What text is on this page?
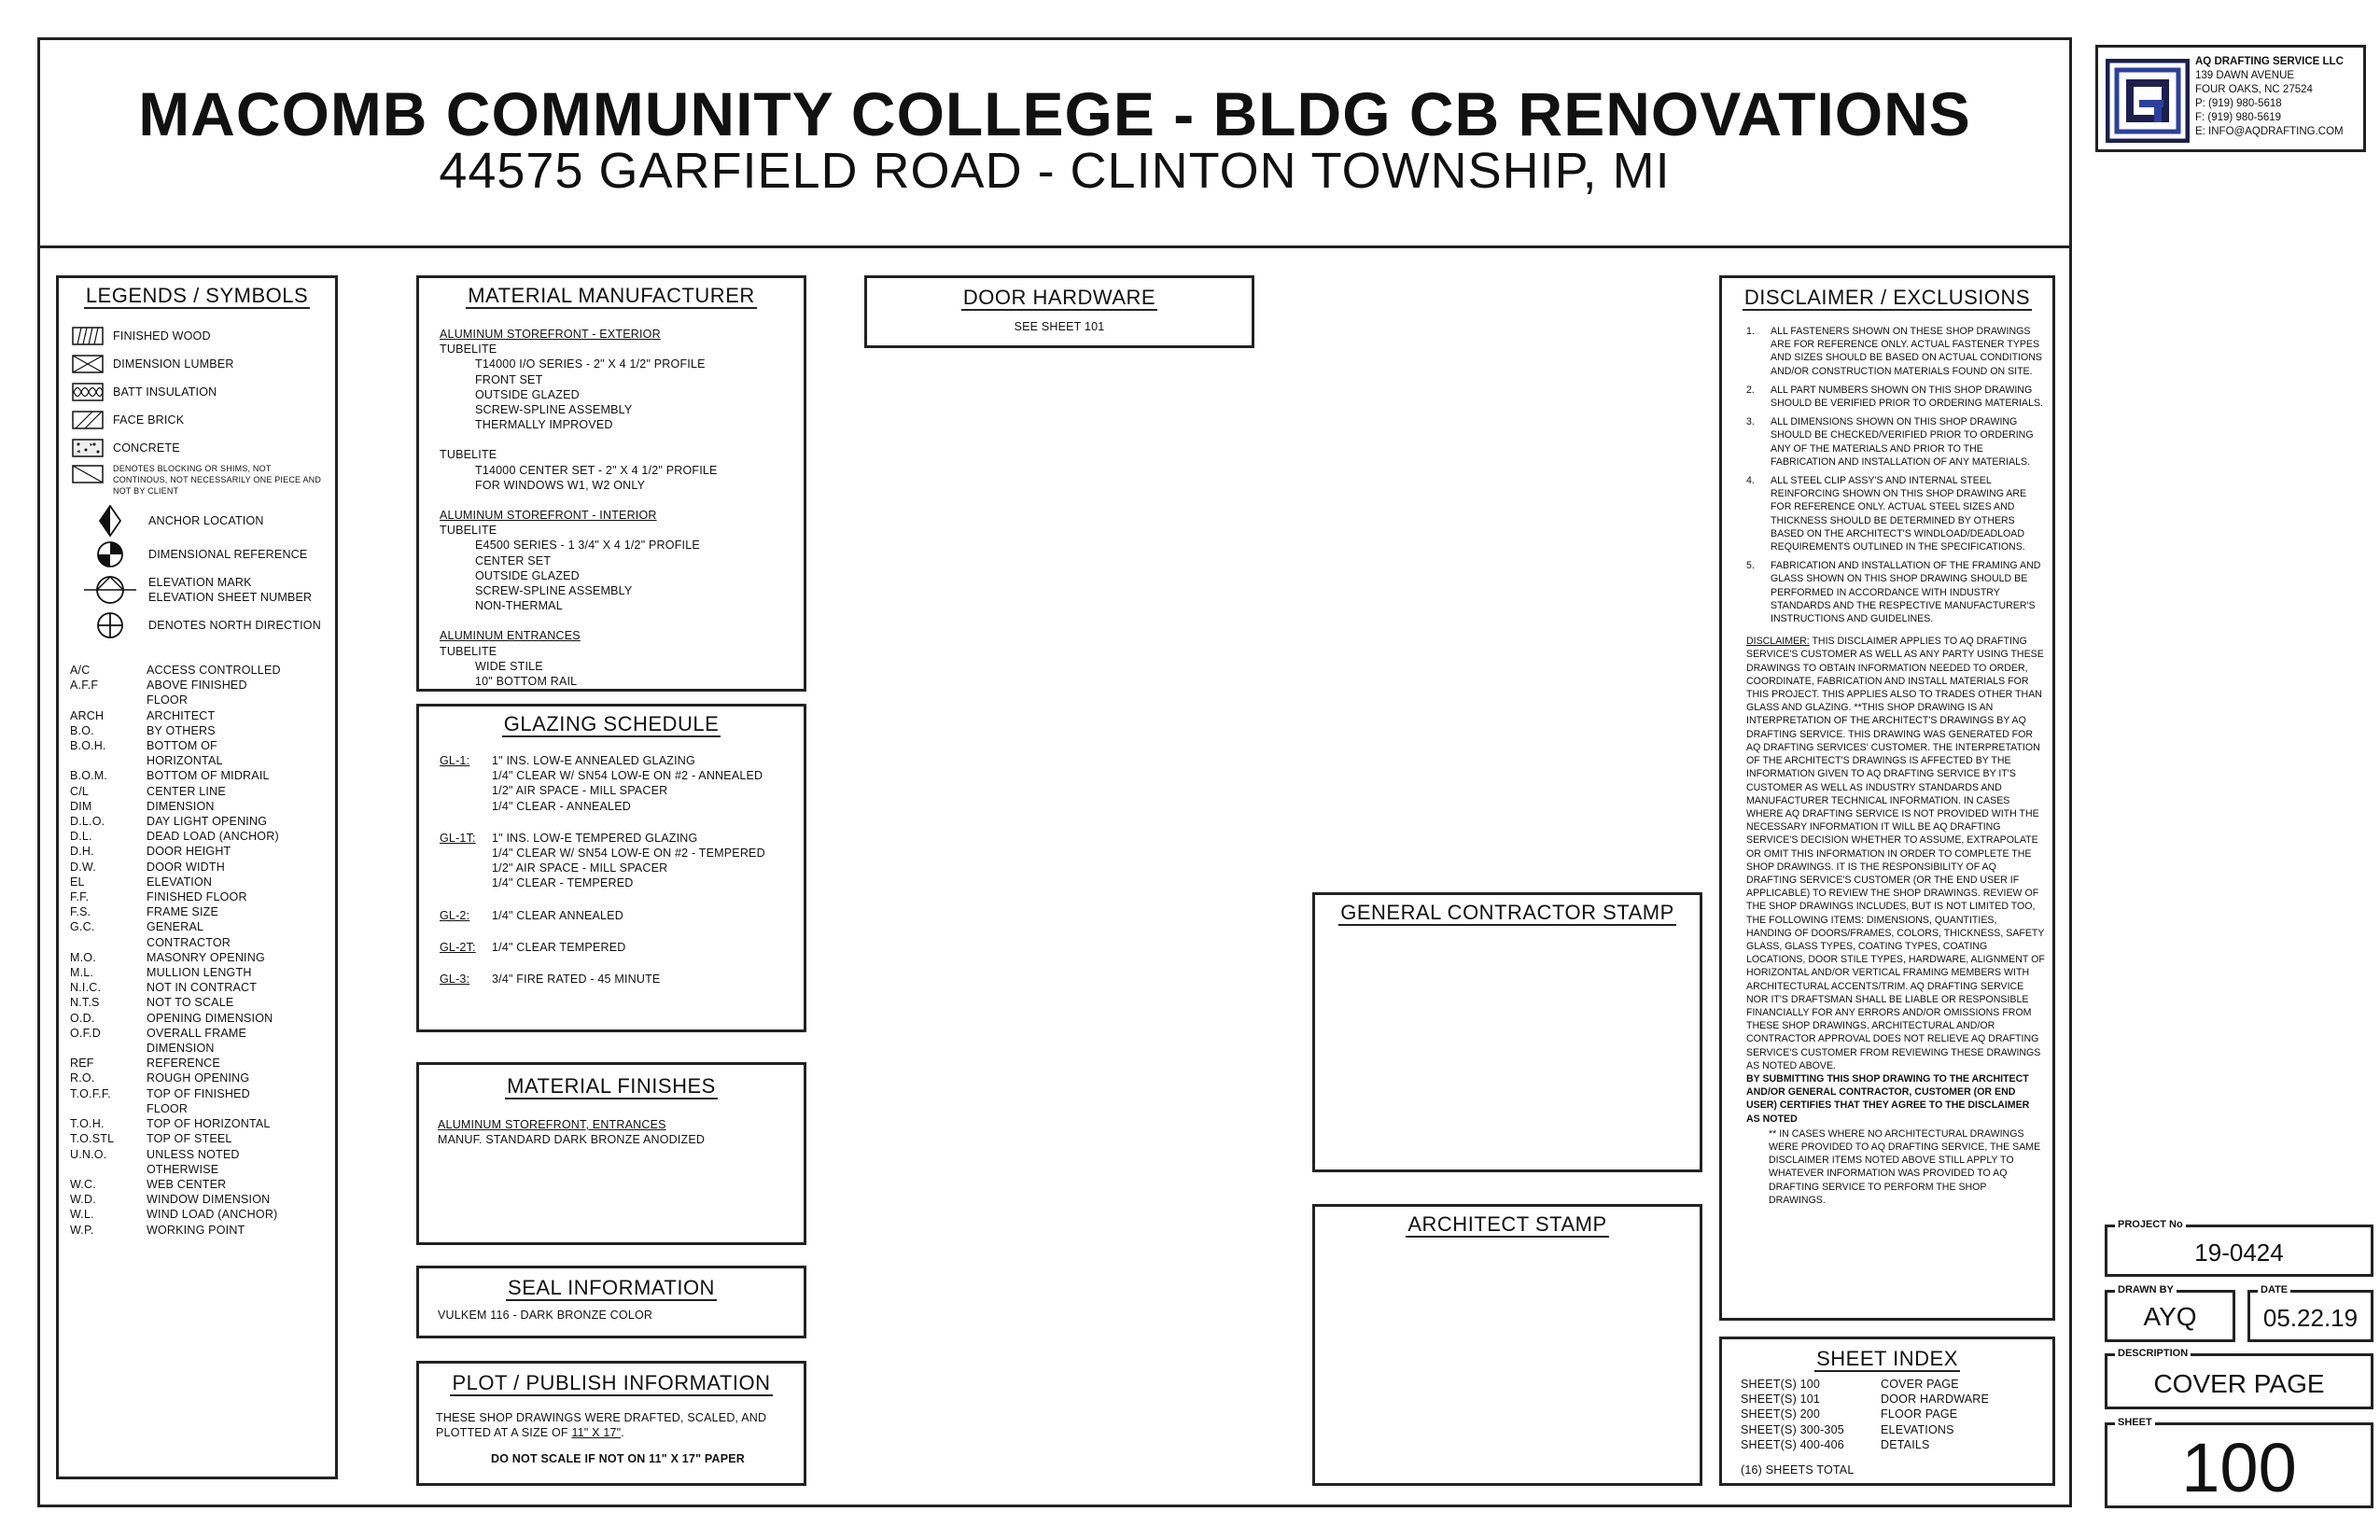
MACOMB COMMUNITY COLLEGE - BLDG CB RENOVATIONS
44575 GARFIELD ROAD - CLINTON TOWNSHIP, MI
AQ DRAFTING SERVICE LLC
139 DAWN AVENUE
FOUR OAKS, NC 27524
P: (919) 980-5618
F: (919) 980-5619
E: INFO@AQDRAFTING.COM
LEGENDS / SYMBOLS
FINISHED WOOD
DIMENSION LUMBER
BATT INSULATION
FACE BRICK
CONCRETE
DENOTES BLOCKING OR SHIMS, NOT CONTINOUS, NOT NECESSARILY ONE PIECE AND NOT BY CLIENT
ANCHOR LOCATION
DIMENSIONAL REFERENCE
ELEVATION MARK
ELEVATION SHEET NUMBER
DENOTES NORTH DIRECTION
A/C	ACCESS CONTROLLED
A.F.F	ABOVE FINISHED FLOOR
ARCH	ARCHITECT
B.O.	BY OTHERS
B.O.H.	BOTTOM OF HORIZONTAL
B.O.M.	BOTTOM OF MIDRAIL
C/L	CENTER LINE
DIM	DIMENSION
D.L.O.	DAY LIGHT OPENING
D.L.	DEAD LOAD (ANCHOR)
D.H.	DOOR HEIGHT
D.W.	DOOR WIDTH
EL	ELEVATION
F.F.	FINISHED FLOOR
F.S.	FRAME SIZE
G.C.	GENERAL CONTRACTOR
M.O.	MASONRY OPENING
M.L.	MULLION LENGTH
N.I.C.	NOT IN CONTRACT
N.T.S	NOT TO SCALE
O.D.	OPENING DIMENSION
O.F.D	OVERALL FRAME DIMENSION
REF	REFERENCE
R.O.	ROUGH OPENING
T.O.F.F.	TOP OF FINISHED FLOOR
T.O.H.	TOP OF HORIZONTAL
T.O.STL	TOP OF STEEL
U.N.O.	UNLESS NOTED OTHERWISE
W.C.	WEB CENTER
W.D.	WINDOW DIMENSION
W.L.	WIND LOAD (ANCHOR)
W.P.	WORKING POINT
MATERIAL MANUFACTURER
ALUMINUM STOREFRONT - EXTERIOR
TUBELITE
T14000 I/O SERIES - 2" X 4 1/2" PROFILE
FRONT SET
OUTSIDE GLAZED
SCREW-SPLINE ASSEMBLY
THERMALLY IMPROVED
TUBELITE
T14000 CENTER SET - 2" X 4 1/2" PROFILE
FOR WINDOWS W1, W2 ONLY
ALUMINUM STOREFRONT - INTERIOR
TUBELITE
E4500 SERIES - 1 3/4" X 4 1/2" PROFILE
CENTER SET
OUTSIDE GLAZED
SCREW-SPLINE ASSEMBLY
NON-THERMAL
ALUMINUM ENTRANCES
TUBELITE
WIDE STILE
10" BOTTOM RAIL
GLAZING SCHEDULE
GL-1:	1" INS. LOW-E ANNEALED GLAZING
1/4" CLEAR W/ SN54 LOW-E ON #2 - ANNEALED
1/2" AIR SPACE - MILL SPACER
1/4" CLEAR - ANNEALED
GL-1T:	1" INS. LOW-E TEMPERED GLAZING
1/4" CLEAR W/ SN54 LOW-E ON #2 - TEMPERED
1/2" AIR SPACE - MILL SPACER
1/4" CLEAR - TEMPERED
GL-2:	1/4" CLEAR ANNEALED
GL-2T:	1/4" CLEAR TEMPERED
GL-3:	3/4" FIRE RATED - 45 MINUTE
MATERIAL FINISHES
ALUMINUM STOREFRONT, ENTRANCES
MANUF. STANDARD DARK BRONZE ANODIZED
SEAL INFORMATION
VULKEM 116 - DARK BRONZE COLOR
PLOT / PUBLISH INFORMATION
THESE SHOP DRAWINGS WERE DRAFTED, SCALED, AND
PLOTTED AT A SIZE OF 11" X 17".
DO NOT SCALE IF NOT ON 11" X 17" PAPER
DOOR HARDWARE
SEE SHEET 101
GENERAL CONTRACTOR STAMP
ARCHITECT STAMP
DISCLAIMER / EXCLUSIONS
1.	ALL FASTENERS SHOWN ON THESE SHOP DRAWINGS ARE FOR REFERENCE ONLY. ACTUAL FASTENER TYPES AND SIZES SHOULD BE BASED ON ACTUAL CONDITIONS AND/OR CONSTRUCTION MATERIALS FOUND ON SITE.
2.	ALL PART NUMBERS SHOWN ON THIS SHOP DRAWING SHOULD BE VERIFIED PRIOR TO ORDERING MATERIALS.
3.	ALL DIMENSIONS SHOWN ON THIS SHOP DRAWING SHOULD BE CHECKED/VERIFIED PRIOR TO ORDERING ANY OF THE MATERIALS AND PRIOR TO THE FABRICATION AND INSTALLATION OF ANY MATERIALS.
4.	ALL STEEL CLIP ASSY'S AND INTERNAL STEEL REINFORCING SHOWN ON THIS SHOP DRAWING ARE FOR REFERENCE ONLY. ACTUAL STEEL SIZES AND THICKNESS SHOULD BE DETERMINED BY OTHERS BASED ON THE ARCHITECT'S WINDLOAD/DEADLOAD REQUIREMENTS OUTLINED IN THE SPECIFICATIONS.
5.	FABRICATION AND INSTALLATION OF THE FRAMING AND GLASS SHOWN ON THIS SHOP DRAWING SHOULD BE PERFORMED IN ACCORDANCE WITH INDUSTRY STANDARDS AND THE RESPECTIVE MANUFACTURER'S INSTRUCTIONS AND GUIDELINES.
DISCLAIMER: THIS DISCLAIMER APPLIES TO AQ DRAFTING SERVICE'S CUSTOMER AS WELL AS ANY PARTY USING THESE DRAWINGS TO OBTAIN INFORMATION NEEDED TO ORDER, COORDINATE, FABRICATION AND INSTALL MATERIALS FOR THIS PROJECT. THIS APPLIES ALSO TO TRADES OTHER THAN GLASS AND GLAZING. **THIS SHOP DRAWING IS AN INTERPRETATION OF THE ARCHITECT'S DRAWINGS BY AQ DRAFTING SERVICE. THIS DRAWING WAS GENERATED FOR AQ DRAFTING SERVICES' CUSTOMER. THE INTERPRETATION OF THE ARCHITECT'S DRAWINGS IS AFFECTED BY THE INFORMATION GIVEN TO AQ DRAFTING SERVICE BY IT'S CUSTOMER AS WELL AS INDUSTRY STANDARDS AND MANUFACTURER TECHNICAL INFORMATION. IN CASES WHERE AQ DRAFTING SERVICE IS NOT PROVIDED WITH THE NECESSARY INFORMATION IT WILL BE AQ DRAFTING SERVICE'S DECISION WHETHER TO ASSUME, EXTRAPOLATE OR OMIT THIS INFORMATION IN ORDER TO COMPLETE THE SHOP DRAWINGS. IT IS THE RESPONSIBILITY OF AQ DRAFTING SERVICE'S CUSTOMER (OR THE END USER IF APPLICABLE) TO REVIEW THE SHOP DRAWINGS. REVIEW OF THE SHOP DRAWINGS INCLUDES, BUT IS NOT LIMITED TOO, THE FOLLOWING ITEMS: DIMENSIONS, QUANTITIES, HANDING OF DOORS/FRAMES, COLORS, THICKNESS, SAFETY GLASS, GLASS TYPES, COATING TYPES, COATING LOCATIONS, DOOR STILE TYPES, HARDWARE, ALIGNMENT OF HORIZONTAL AND/OR VERTICAL FRAMING MEMBERS WITH ARCHITECTURAL ACCENTS/TRIM. AQ DRAFTING SERVICE NOR IT'S DRAFTSMAN SHALL BE LIABLE OR RESPONSIBLE FINANCIALLY FOR ANY ERRORS AND/OR OMISSIONS FROM THESE SHOP DRAWINGS. ARCHITECTURAL AND/OR CONTRACTOR APPROVAL DOES NOT RELIEVE AQ DRAFTING SERVICE'S CUSTOMER FROM REVIEWING THESE DRAWINGS AS NOTED ABOVE.
BY SUBMITTING THIS SHOP DRAWING TO THE ARCHITECT AND/OR GENERAL CONTRACTOR, CUSTOMER (OR END USER) CERTIFIES THAT THEY AGREE TO THE DISCLAIMER AS NOTED
** IN CASES WHERE NO ARCHITECTURAL DRAWINGS WERE PROVIDED TO AQ DRAFTING SERVICE, THE SAME DISCLAIMER ITEMS NOTED ABOVE STILL APPLY TO WHATEVER INFORMATION WAS PROVIDED TO AQ DRAFTING SERVICE TO PERFORM THE SHOP DRAWINGS.
SHEET INDEX
SHEET(S) 100	COVER PAGE
SHEET(S) 101	DOOR HARDWARE
SHEET(S) 200	FLOOR PAGE
SHEET(S) 300-305	ELEVATIONS
SHEET(S) 400-406	DETAILS
(16) SHEETS TOTAL
PROJECT No
19-0424
DRAWN BY
AYQ
DATE
05.22.19
DESCRIPTION
COVER PAGE
SHEET
100
